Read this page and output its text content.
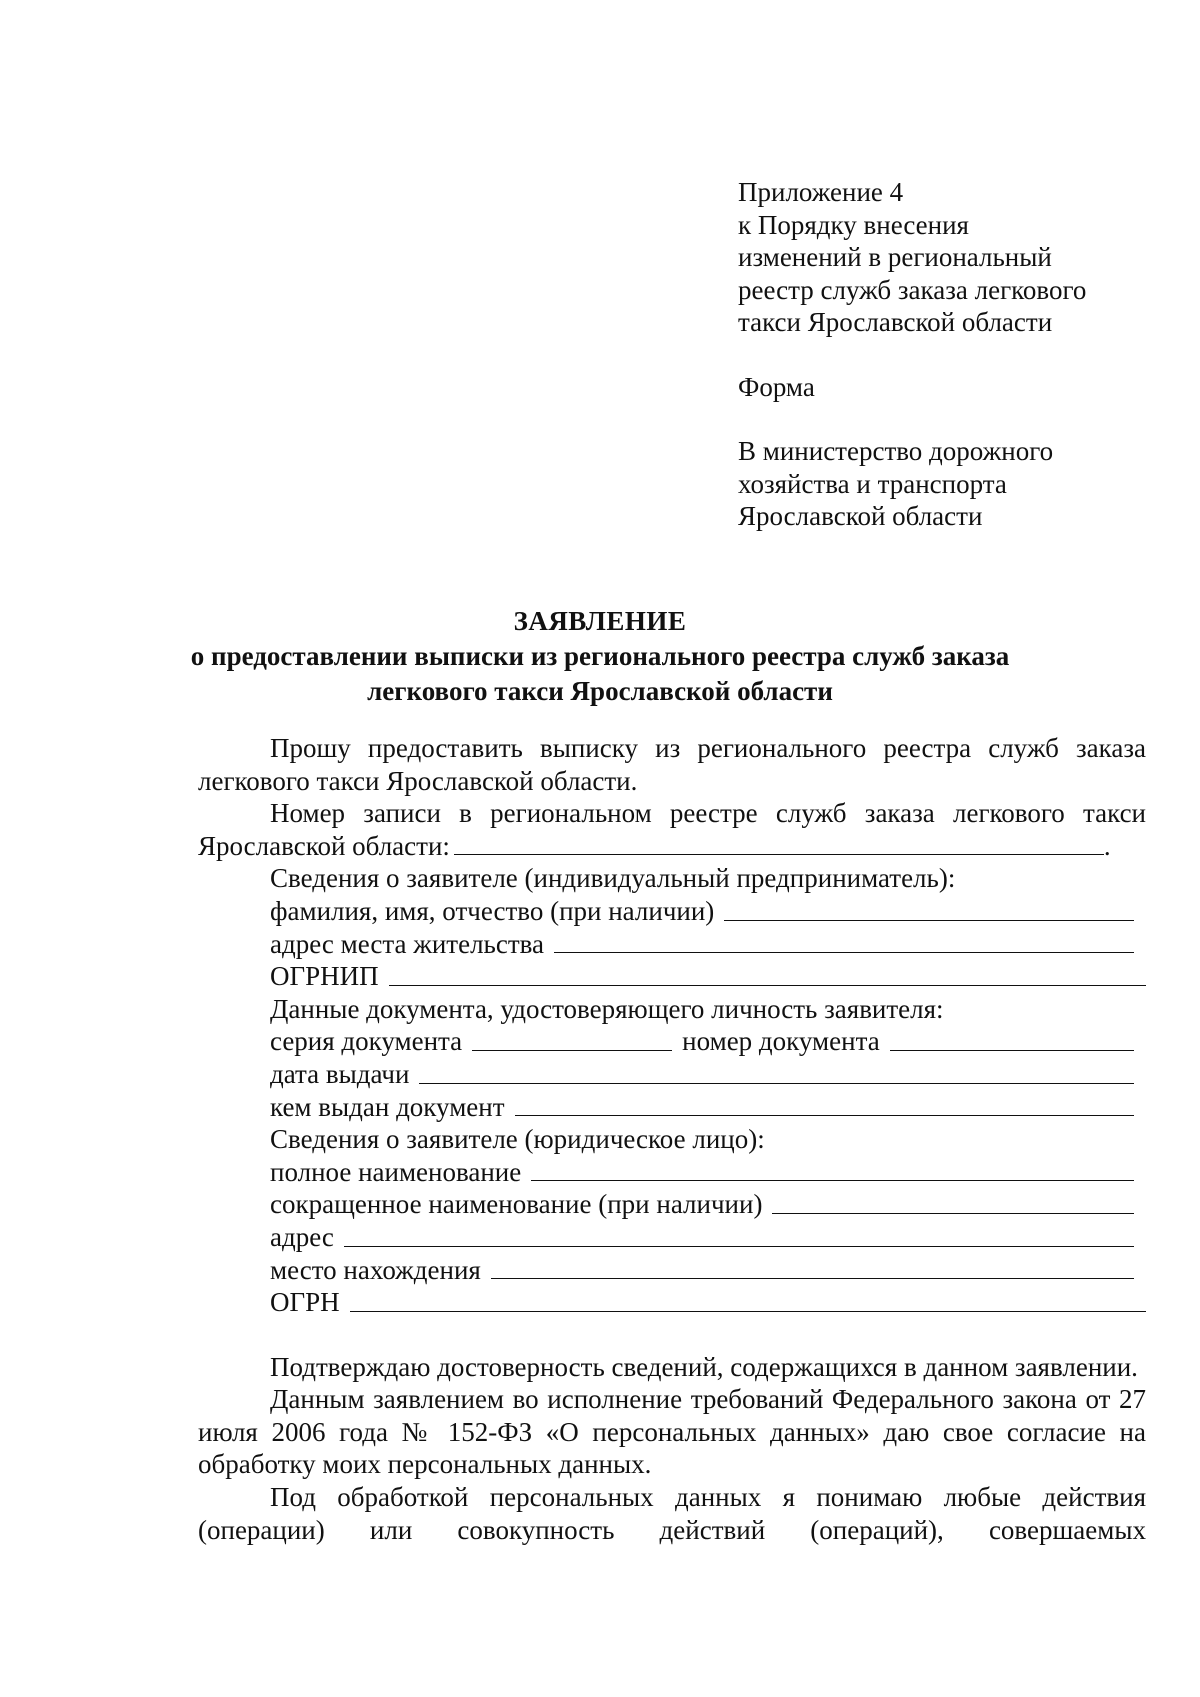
Приложение 4
к Порядку внесения
изменений в региональный
реестр служб заказа легкового
такси Ярославской области
Форма
В министерство дорожного
хозяйства и транспорта
Ярославской области
ЗАЯВЛЕНИЕ
о предоставлении выписки из регионального реестра служб заказа
легкового такси Ярославской области
Прошу предоставить выписку из регионального реестра служб заказа легкового такси Ярославской области.
Номер записи в региональном реестре служб заказа легкового такси
Ярославской области:	.
Сведения о заявителе (индивидуальный предприниматель):
фамилия, имя, отчество (при наличии)
адрес места жительства
ОГРНИП
Данные документа, удостоверяющего личность заявителя:
серия документа	номер документа
дата выдачи
кем выдан документ
Сведения о заявителе (юридическое лицо):
полное наименование
сокращенное наименование (при наличии)
адрес
место нахождения
ОГРН
Подтверждаю достоверность сведений, содержащихся в данном заявлении.
Данным заявлением во исполнение требований Федерального закона от 27 июля 2006 года № 152-ФЗ «О персональных данных» даю свое согласие на обработку моих персональных данных.
Под обработкой персональных данных я понимаю любые действия (операции) или совокупность действий (операций), совершаемых
